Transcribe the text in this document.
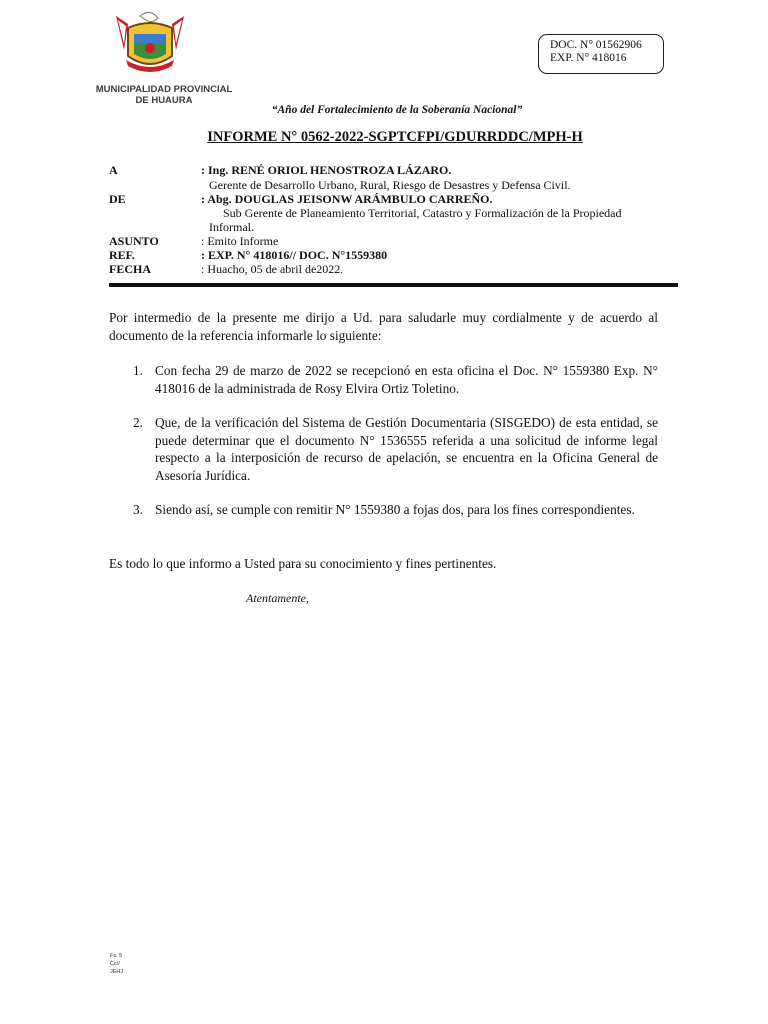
MUNICIPALIDAD PROVINCIAL
DE HUAURA
DOC. N° 01562906
EXP. N° 418016
“Año del Fortalecimiento de la Soberanía Nacional”
INFORME N° 0562-2022-SGPTCFPI/GDURRDDC/MPH-H
A	: Ing. RENÉ ORIOL HENOSTROZA LÁZARO.
Gerente de Desarrollo Urbano, Rural, Riesgo de Desastres y Defensa Civil.
DE	: Abg. DOUGLAS JEISONW ARÁMBULO CARREÑO.
Sub Gerente de Planeamiento Territorial, Catastro y Formalización de la Propiedad
Informal.
ASUNTO	: Emito Informe
REF.	: EXP. N° 418016// DOC. N°1559380
FECHA	: Huacho, 05 de abril de2022.
Por intermedio de la presente me dirijo a Ud. para saludarle muy cordialmente y de acuerdo al documento de la referencia informarle lo siguiente:
1. Con fecha 29 de marzo de 2022 se recepcionó en esta oficina el Doc. N° 1559380 Exp. N° 418016 de la administrada de Rosy Elvira Ortiz Toletino.
2. Que, de la verificación del Sistema de Gestión Documentaria (SISGEDO) de esta entidad, se puede determinar que el documento N° 1536555 referida a una solicitud de informe legal respecto a la interposición de recurso de apelación, se encuentra en la Oficina General de Asesoría Jurídica.
3. Siendo así, se cumple con remitir N° 1559380 a fojas dos, para los fines correspondientes.
Es todo lo que informo a Usted para su conocimiento y fines pertinentes.
Atentamente,
Fs. 5
Cc//
JEHJ
